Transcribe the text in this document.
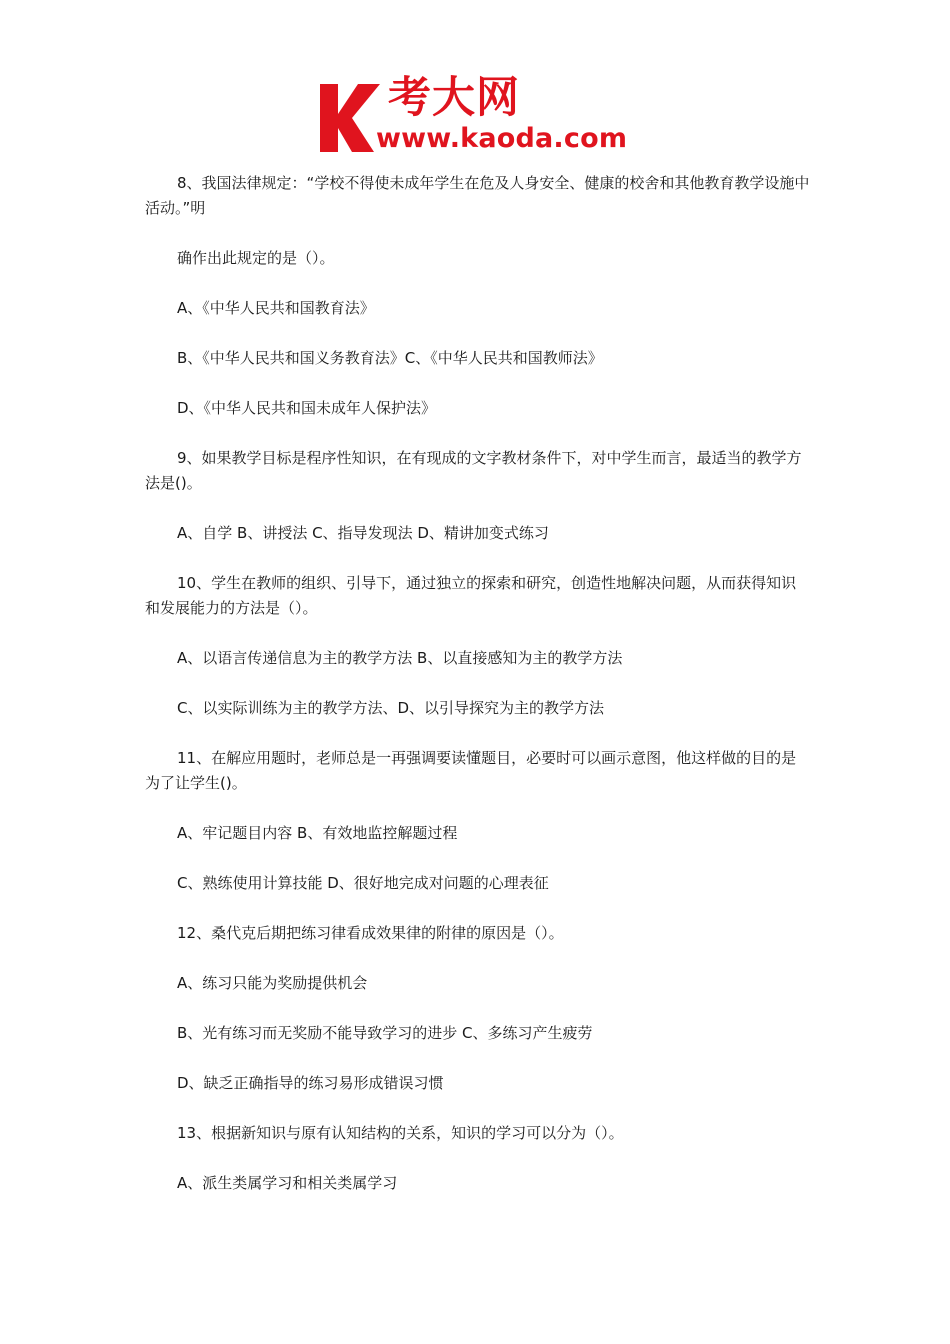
考大网
www.kaoda.com

8、我国法律规定：“学校不得使未成年学生在危及人身安全、健康的校舍和其他教育教学设施中活动。”明

确作出此规定的是（）。

A、《中华人民共和国教育法》

B、《中华人民共和国义务教育法》C、《中华人民共和国教师法》

D、《中华人民共和国未成年人保护法》

9、如果教学目标是程序性知识，在有现成的文字教材条件下，对中学生而言，最适当的教学方法是()。

A、自学 B、讲授法 C、指导发现法 D、精讲加变式练习

10、学生在教师的组织、引导下，通过独立的探索和研究，创造性地解决问题，从而获得知识和发展能力的方法是（）。

A、以语言传递信息为主的教学方法 B、以直接感知为主的教学方法

C、以实际训练为主的教学方法、D、以引导探究为主的教学方法

11、在解应用题时，老师总是一再强调要读懂题目，必要时可以画示意图，他这样做的目的是为了让学生()。

A、牢记题目内容 B、有效地监控解题过程

C、熟练使用计算技能 D、很好地完成对问题的心理表征

12、桑代克后期把练习律看成效果律的附律的原因是（）。

A、练习只能为奖励提供机会

B、光有练习而无奖励不能导致学习的进步 C、多练习产生疲劳

D、缺乏正确指导的练习易形成错误习惯

13、根据新知识与原有认知结构的关系，知识的学习可以分为（）。

A、派生类属学习和相关类属学习
